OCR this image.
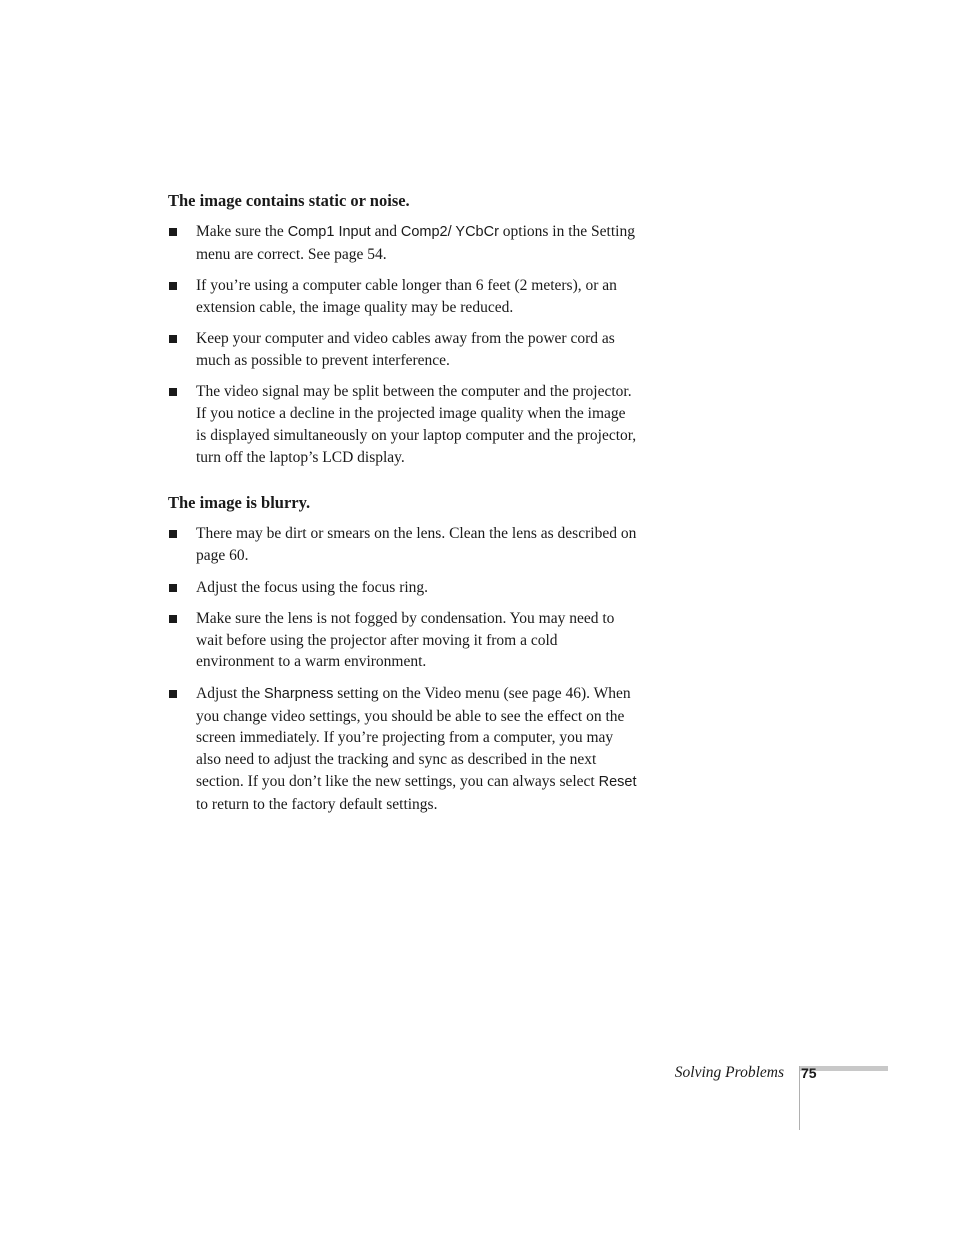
The image contains static or noise.
Make sure the Comp1 Input and Comp2/ YCbCr options in the Setting menu are correct. See page 54.
If you’re using a computer cable longer than 6 feet (2 meters), or an extension cable, the image quality may be reduced.
Keep your computer and video cables away from the power cord as much as possible to prevent interference.
The video signal may be split between the computer and the projector. If you notice a decline in the projected image quality when the image is displayed simultaneously on your laptop computer and the projector, turn off the laptop’s LCD display.
The image is blurry.
There may be dirt or smears on the lens. Clean the lens as described on page 60.
Adjust the focus using the focus ring.
Make sure the lens is not fogged by condensation. You may need to wait before using the projector after moving it from a cold environment to a warm environment.
Adjust the Sharpness setting on the Video menu (see page 46). When you change video settings, you should be able to see the effect on the screen immediately. If you’re projecting from a computer, you may also need to adjust the tracking and sync as described in the next section. If you don’t like the new settings, you can always select Reset to return to the factory default settings.
Solving Problems 75
